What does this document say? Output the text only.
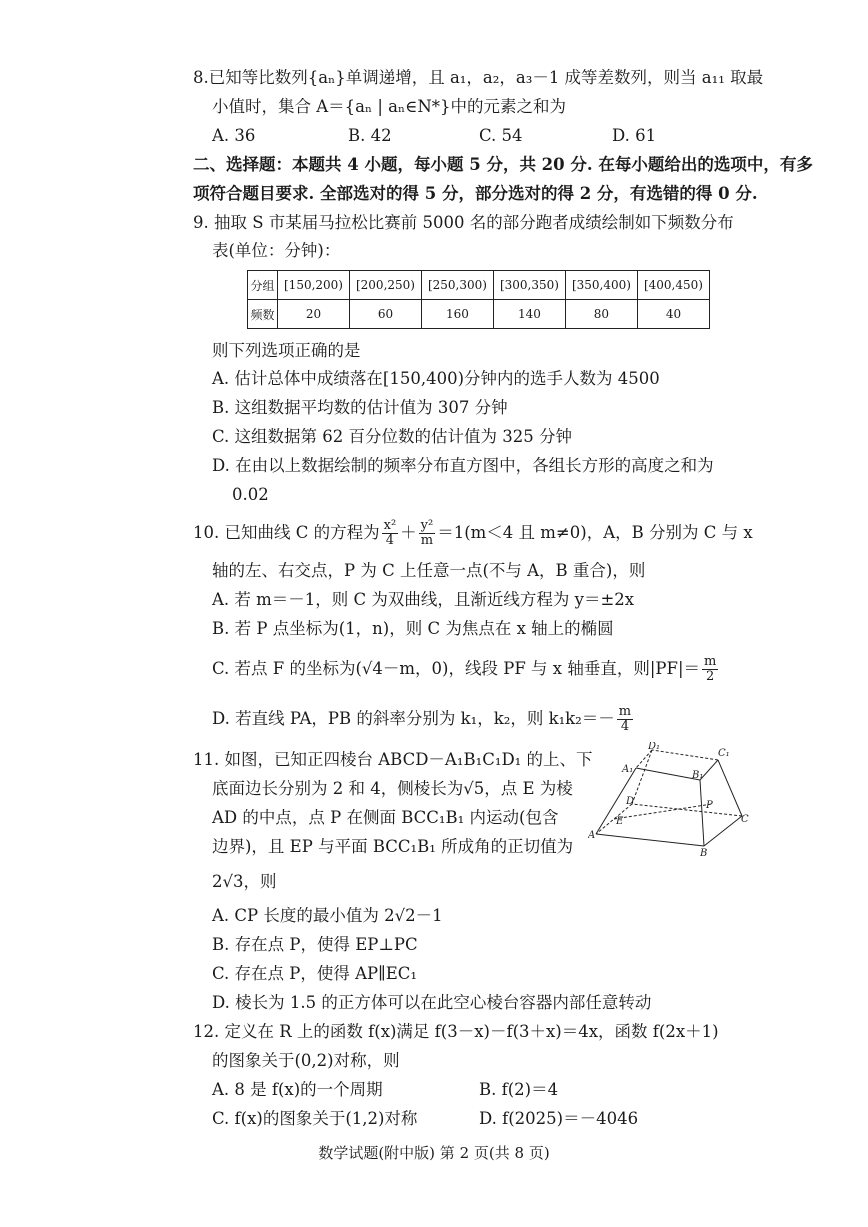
8.已知等比数列{aₙ}单调递增，且 a₁，a₂，a₃－1 成等差数列，则当 a₁₁ 取最
小值时，集合 A＝{aₙ | aₙ∈N*}中的元素之和为
A. 36	B. 42	C. 54	D. 61
二、选择题：本题共 4 小题，每小题 5 分，共 20 分. 在每小题给出的选项中，有多
项符合题目要求. 全部选对的得 5 分，部分选对的得 2 分，有选错的得 0 分.
9. 抽取 S 市某届马拉松比赛前 5000 名的部分跑者成绩绘制如下频数分布
表(单位：分钟)：
分组	[150,200)	[200,250)	[250,300)	[300,350)	[350,400)	[400,450)
频数	20	60	160	140	80	40
则下列选项正确的是
A. 估计总体中成绩落在[150,400)分钟内的选手人数为 4500
B. 这组数据平均数的估计值为 307 分钟
C. 这组数据第 62 百分位数的估计值为 325 分钟
D. 在由以上数据绘制的频率分布直方图中，各组长方形的高度之和为
0.02
10. 已知曲线 C 的方程为 $\frac{\text{x²}}{4} + \frac{\text{y²}}{m} =1(m<4$ 且 m≠0)，A，B 分别为 C 与 x
轴的左、右交点，P 为 C 上任意一点(不与 A，B 重合)，则
A. 若 m＝－1，则 C 为双曲线，且渐近线方程为 y＝±2x
B. 若 P 点坐标为(1，n)，则 C 为焦点在 x 轴上的椭圆
C. 若点 F 的坐标为(√4－m，0)，线段 PF 与 x 轴垂直，则$|PF|= \frac{m}{2}$
D. 若直线 PA，PB 的斜率分别为 k₁，k₂，则 $k_1k_2=- \frac{m}{4}$
11. 如图，已知正四棱台 ABCD－A₁B₁C₁D₁ 的上、下
底面边长分别为 2 和 4，侧棱长为√5，点 E 为棱
AD 的中点，点 P 在侧面 BCC₁B₁ 内运动(包含
边界)，且 EP 与平面 BCC₁B₁ 所成角的正切值为
2√3，则
D₁
C₁
A₁
B₁
D	P
E
A
C
B
A. CP 长度的最小值为 2√2－1
B. 存在点 P，使得 EP⊥PC
C. 存在点 P，使得 AP∥EC₁
D. 棱长为 1.5 的正方体可以在此空心棱台容器内部任意转动
12. 定义在 R 上的函数 f(x)满足 f(3－x)－f(3＋x)＝4x，函数 f(2x＋1)
的图象关于(0,2)对称，则
A. 8 是 f(x)的一个周期	B. f(2)＝4
C. f(x)的图象关于(1,2)对称	D. f(2025)＝－4046
数学试题(附中版) 第 2 页(共 8 页)
